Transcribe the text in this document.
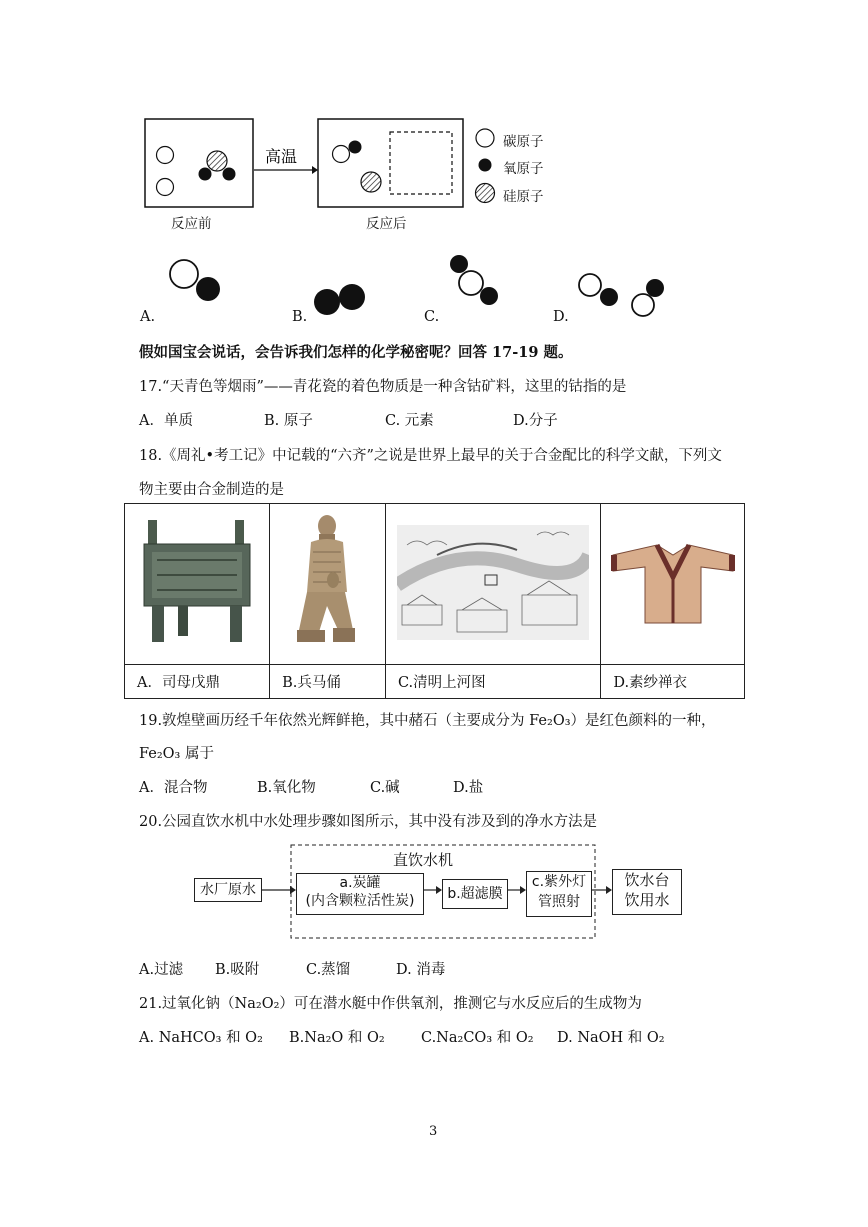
高温
碳原子
氧原子
硅原子
反应前	反应后
A.	B.	C.	D.
假如国宝会说话，会告诉我们怎样的化学秘密呢？回答 17-19 题。
17.“天青色等烟雨”——青花瓷的着色物质是一种含钴矿料，这里的钴指的是
A．单质	B. 原子	C. 元素	D.分子
18.《周礼•考工记》中记载的“六齐”之说是世界上最早的关于合金配比的科学文献，下列文
物主要由合金制造的是

A．司母戊鼎	B.兵马俑	C.清明上河图	D.素纱禅衣
19.敦煌壁画历经千年依然光辉鲜艳，其中赭石（主要成分为 Fe₂O₃）是红色颜料的一种，
Fe₂O₃ 属于
A．混合物	B.氧化物	C.碱	D.盐
20.公园直饮水机中水处理步骤如图所示，其中没有涉及到的净水方法是
直饮水机
水厂原水	a.炭罐
(内含颗粒活性炭)	b.超滤膜
c.紫外灯
管照射
饮水台
饮用水
A.过滤 B.吸附	C.蒸馏	D. 消毒
21.过氧化钠（Na₂O₂）可在潜水艇中作供氧剂，推测它与水反应后的生成物为
A. NaHCO₃ 和 O₂ B.Na₂O 和 O₂	C.Na₂CO₃ 和 O₂ D. NaOH 和 O₂
3
